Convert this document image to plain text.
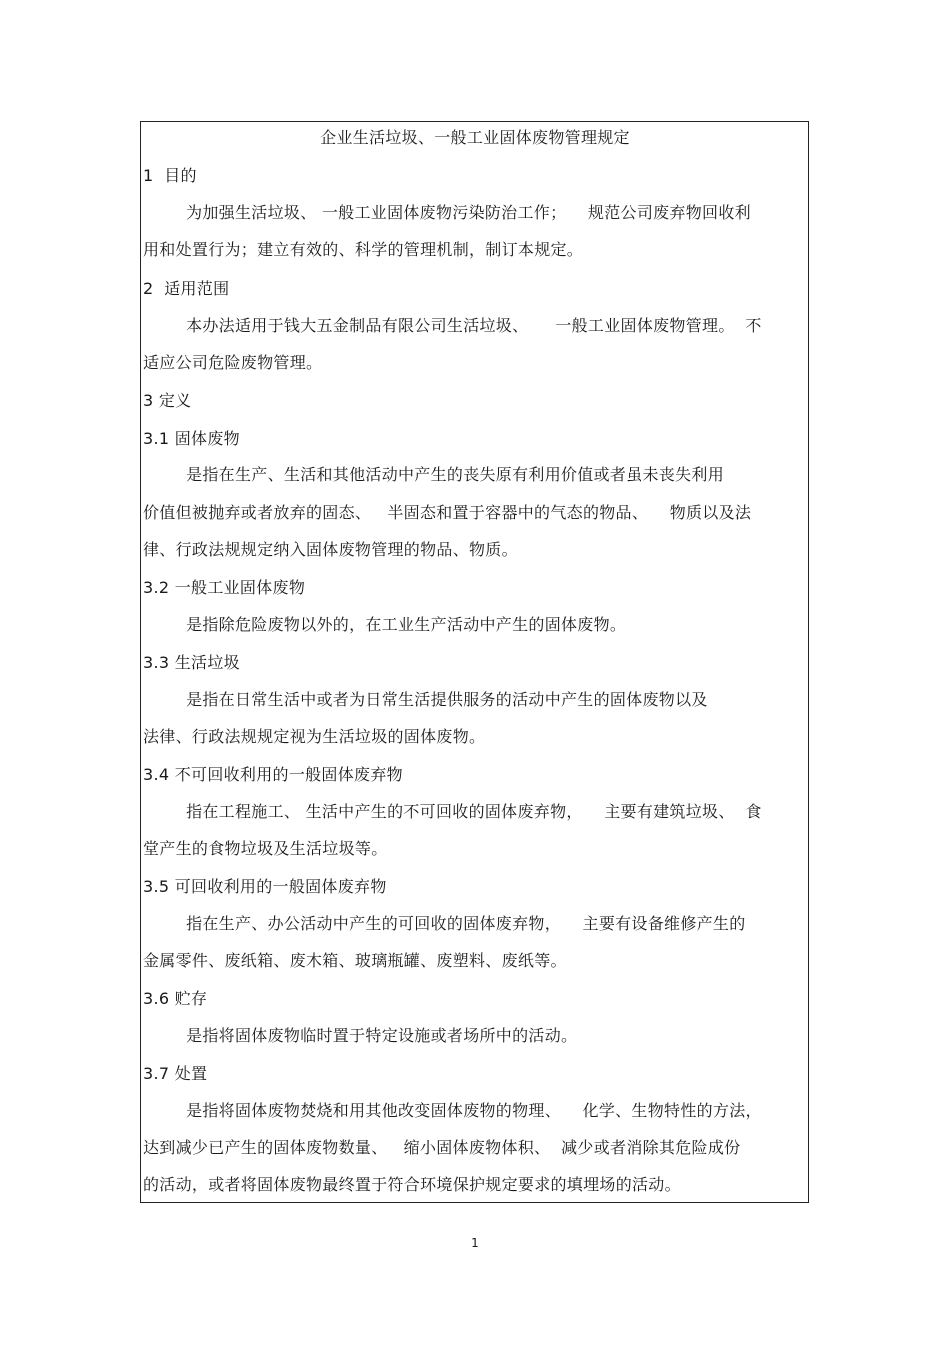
企业生活垃圾、一般工业固体废物管理规定
1  目的
为加强生活垃圾、 一般工业固体废物污染防治工作；    规范公司废弃物回收利
用和处置行为；建立有效的、科学的管理机制，制订本规定。
2  适用范围
本办法适用于钱大五金制品有限公司生活垃圾、     一般工业固体废物管理。  不
适应公司危险废物管理。
3 定义
3.1 固体废物
是指在生产、生活和其他活动中产生的丧失原有利用价值或者虽未丧失利用
价值但被抛弃或者放弃的固态、   半固态和置于容器中的气态的物品、    物质以及法
律、行政法规规定纳入固体废物管理的物品、物质。
3.2 一般工业固体废物
是指除危险废物以外的，在工业生产活动中产生的固体废物。
3.3 生活垃圾
是指在日常生活中或者为日常生活提供服务的活动中产生的固体废物以及
法律、行政法规规定视为生活垃圾的固体废物。
3.4 不可回收利用的一般固体废弃物
指在工程施工、 生活中产生的不可回收的固体废弃物，    主要有建筑垃圾、  食
堂产生的食物垃圾及生活垃圾等。
3.5 可回收利用的一般固体废弃物
指在生产、办公活动中产生的可回收的固体废弃物，    主要有设备维修产生的
金属零件、废纸箱、废木箱、玻璃瓶罐、废塑料、废纸等。
3.6 贮存
是指将固体废物临时置于特定设施或者场所中的活动。
3.7 处置
是指将固体废物焚烧和用其他改变固体废物的物理、    化学、生物特性的方法，
达到减少已产生的固体废物数量、   缩小固体废物体积、  减少或者消除其危险成份
的活动，或者将固体废物最终置于符合环境保护规定要求的填埋场的活动。
1
